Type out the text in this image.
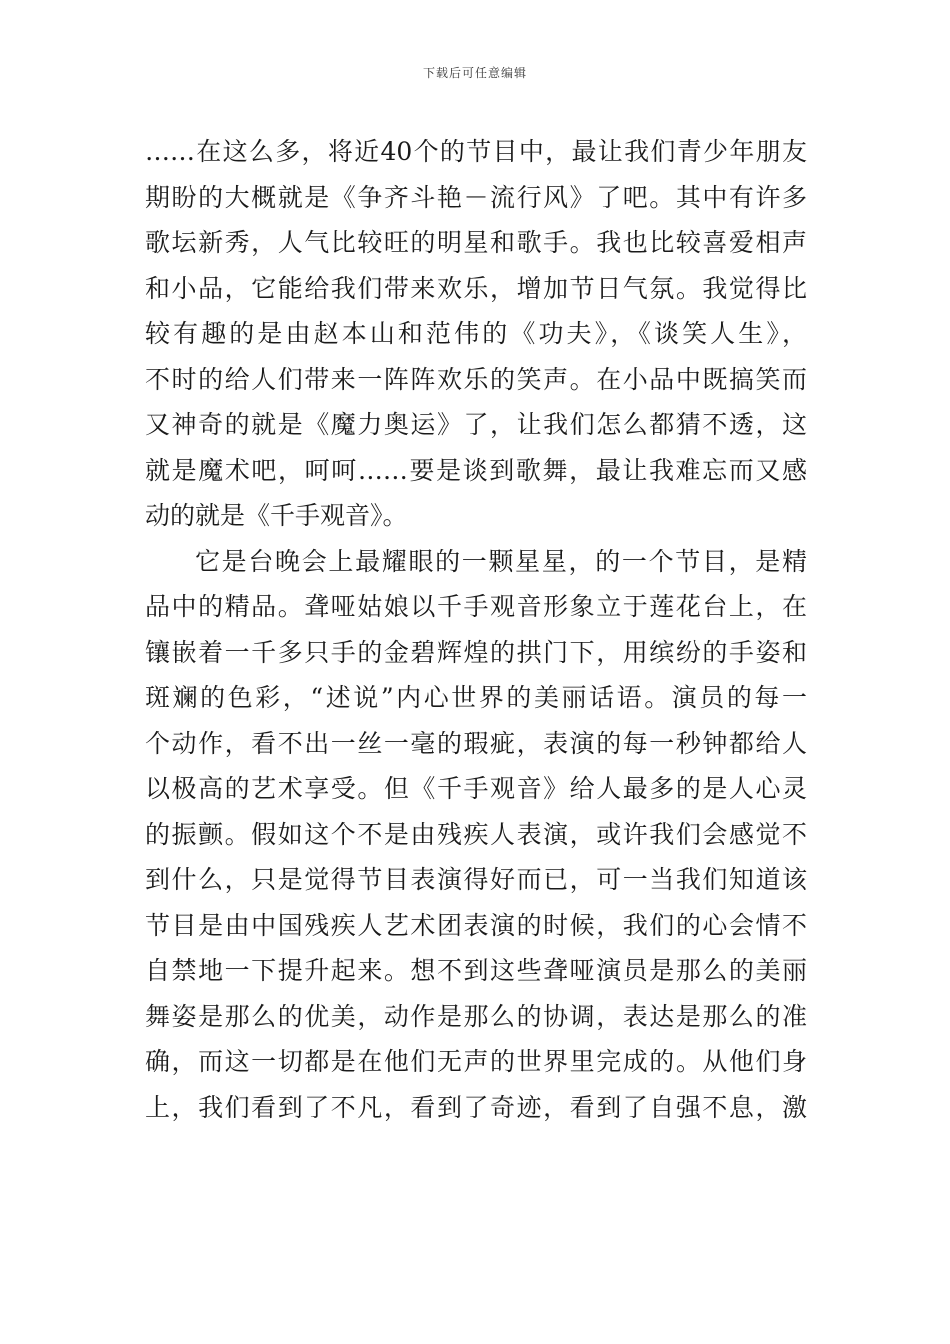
下载后可任意编辑
……在这么多，将近40个的节目中，最让我们青少年朋友
期盼的大概就是《争齐斗艳－流行风》了吧。其中有许多
歌坛新秀，人气比较旺的明星和歌手。我也比较喜爱相声
和小品，它能给我们带来欢乐，增加节日气氛。我觉得比
较有趣的是由赵本山和范伟的《功夫》，《谈笑人生》，
不时的给人们带来一阵阵欢乐的笑声。在小品中既搞笑而
又神奇的就是《魔力奥运》了，让我们怎么都猜不透，这
就是魔术吧，呵呵……要是谈到歌舞，最让我难忘而又感
动的就是《千手观音》。
它是台晚会上最耀眼的一颗星星，的一个节目，是精
品中的精品。聋哑姑娘以千手观音形象立于莲花台上，在
镶嵌着一千多只手的金碧辉煌的拱门下，用缤纷的手姿和
斑斓的色彩，“述说”内心世界的美丽话语。演员的每一
个动作，看不出一丝一毫的瑕疵，表演的每一秒钟都给人
以极高的艺术享受。但《千手观音》给人最多的是人心灵
的振颤。假如这个不是由残疾人表演，或许我们会感觉不
到什么，只是觉得节目表演得好而已，可一当我们知道该
节目是由中国残疾人艺术团表演的时候，我们的心会情不
自禁地一下提升起来。想不到这些聋哑演员是那么的美丽
舞姿是那么的优美，动作是那么的协调，表达是那么的准
确，而这一切都是在他们无声的世界里完成的。从他们身
上，我们看到了不凡，看到了奇迹，看到了自强不息，激
